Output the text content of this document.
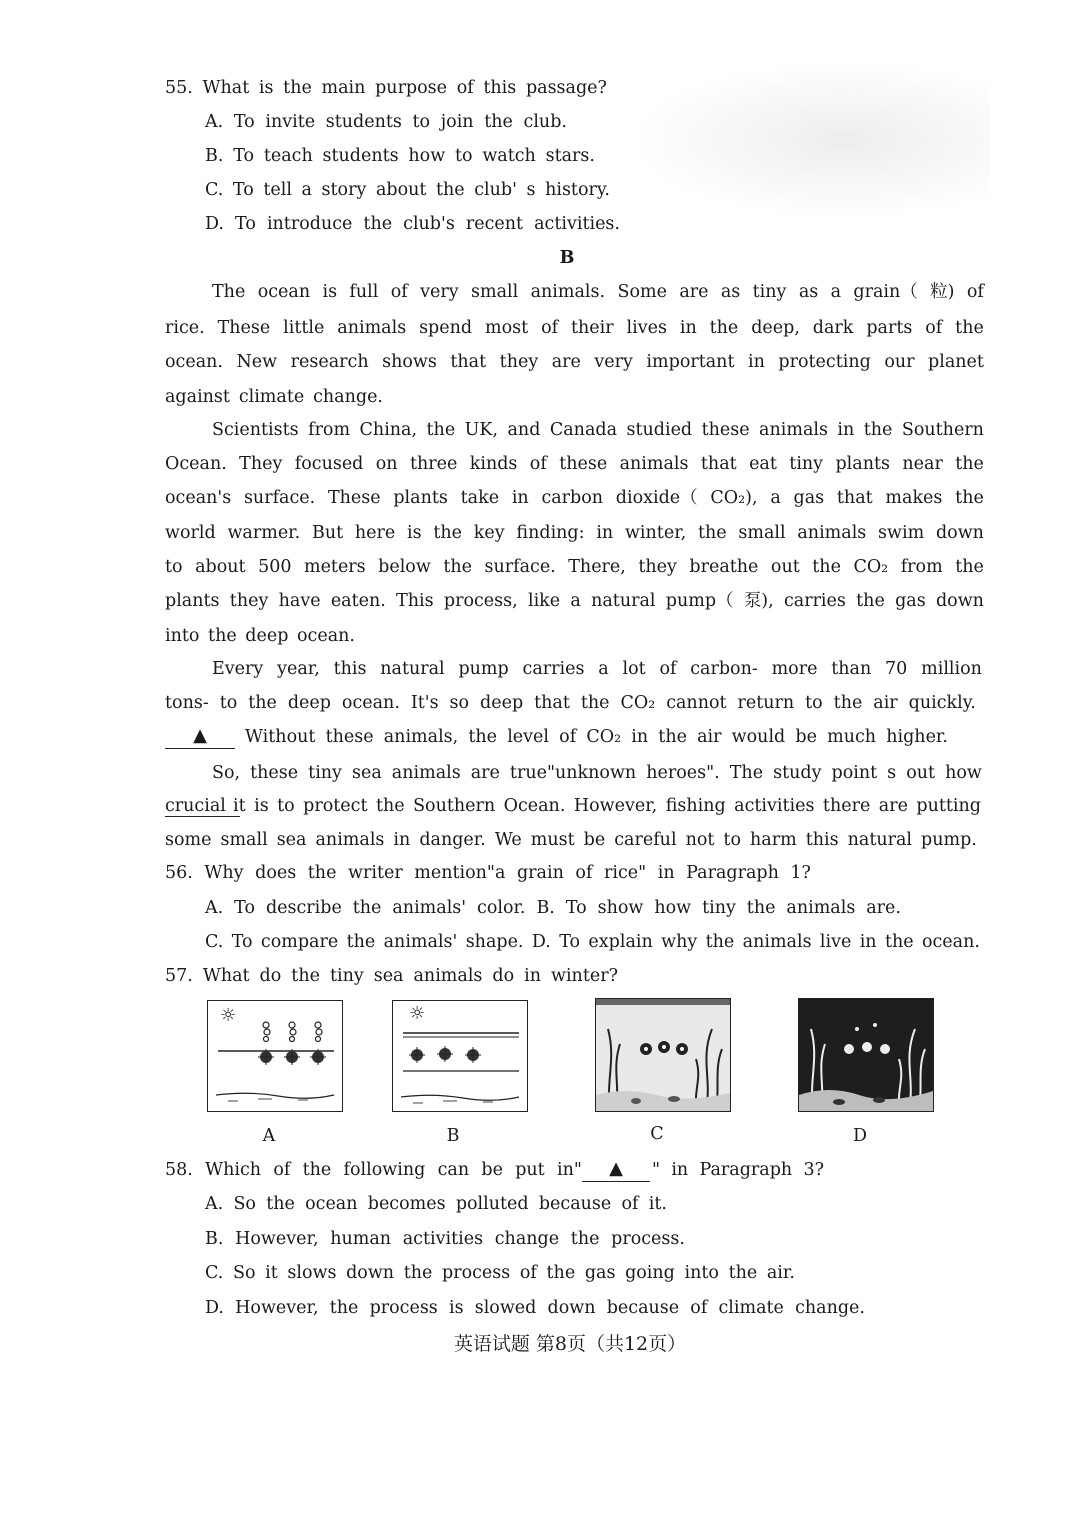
55. What is the main purpose of this passage?
A. To invite students to join the club.
B. To teach students how to watch stars.
C. To tell a story about the club' s history.
D. To introduce the club's recent activities.
B
The ocean is full of very small animals. Some are as tiny as a grain（ 粒) of
rice. These little animals spend most of their lives in the deep, dark parts of the
ocean. New research shows that they are very important in protecting our planet
against climate change.
Scientists from China, the UK, and Canada studied these animals in the Southern
Ocean. They focused on three kinds of these animals that eat tiny plants near the
ocean's surface. These plants take in carbon dioxide（ CO₂), a gas that makes the
world warmer. But here is the key finding: in winter, the small animals swim down
to about 500 meters below the surface. There, they breathe out the CO₂ from the
plants they have eaten. This process, like a natural pump（ 泵), carries the gas down
into the deep ocean.
Every year, this natural pump carries a lot of carbon- more than 70 million
tons- to the deep ocean. It's so deep that the CO₂ cannot return to the air quickly.
▲	Without these animals, the level of CO₂ in the air would be much higher.
So, these tiny sea animals are true"unknown heroes". The study point s out how
crucial it is to protect the Southern Ocean. However, fishing activities there are putting
some small sea animals in danger. We must be careful not to harm this natural pump.
56. Why does the writer mention"a grain of rice" in Paragraph 1?
A. To describe the animals' color. B. To show how tiny the animals are.
C. To compare the animals' shape. D. To explain why the animals live in the ocean.
57. What do the tiny sea animals do in winter?
☼
A
☼
B	C	D
58. Which of the following can be put in"	▲	" in Paragraph 3?
A. So the ocean becomes polluted because of it.
B. However, human activities change the process.
C. So it slows down the process of the gas going into the air.
D. However, the process is slowed down because of climate change.
英语试题 第8页（共12页）
